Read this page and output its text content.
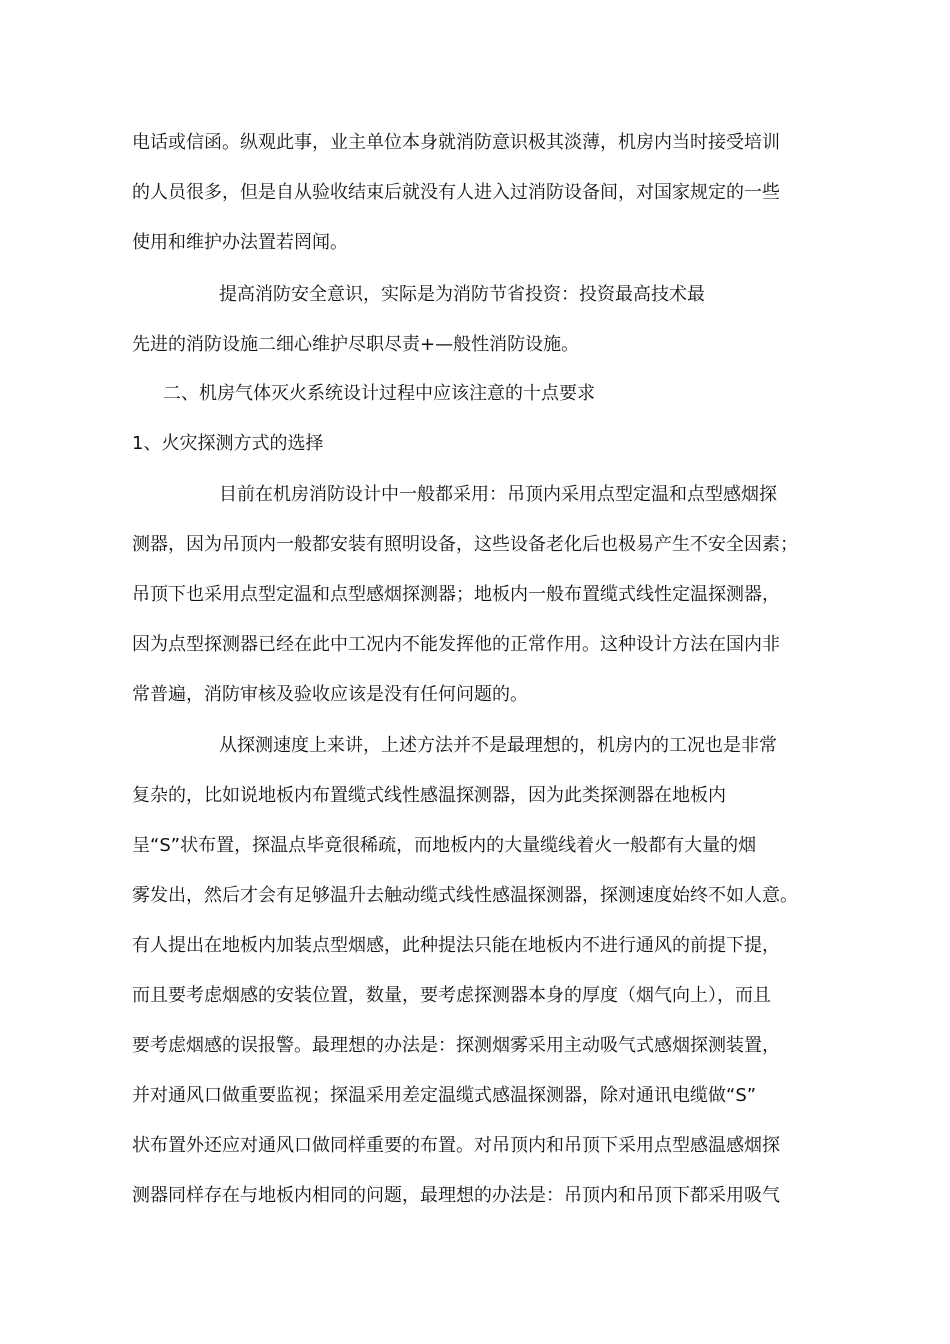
电话或信函。纵观此事，业主单位本身就消防意识极其淡薄，机房内当时接受培训
的人员很多，但是自从验收结束后就没有人进入过消防设备间，对国家规定的一些
使用和维护办法置若罔闻。
提高消防安全意识，实际是为消防节省投资：投资最高技术最
先进的消防设施二细心维护尽职尽责+—般性消防设施。
二、机房气体灭火系统设计过程中应该注意的十点要求
1、火灾探测方式的选择
目前在机房消防设计中一般都采用：吊顶内采用点型定温和点型感烟探
测器，因为吊顶内一般都安装有照明设备，这些设备老化后也极易产生不安全因素；
吊顶下也采用点型定温和点型感烟探测器；地板内一般布置缆式线性定温探测器，
因为点型探测器已经在此中工况内不能发挥他的正常作用。这种设计方法在国内非
常普遍，消防审核及验收应该是没有任何问题的。
从探测速度上来讲，上述方法并不是最理想的，机房内的工况也是非常
复杂的，比如说地板内布置缆式线性感温探测器，因为此类探测器在地板内
呈“S”状布置，探温点毕竟很稀疏，而地板内的大量缆线着火一般都有大量的烟
雾发出，然后才会有足够温升去触动缆式线性感温探测器，探测速度始终不如人意。
有人提出在地板内加装点型烟感，此种提法只能在地板内不进行通风的前提下提，
而且要考虑烟感的安装位置，数量，要考虑探测器本身的厚度（烟气向上），而且
要考虑烟感的误报警。最理想的办法是：探测烟雾采用主动吸气式感烟探测装置，
并对通风口做重要监视；探温采用差定温缆式感温探测器，除对通讯电缆做“S”
状布置外还应对通风口做同样重要的布置。对吊顶内和吊顶下采用点型感温感烟探
测器同样存在与地板内相同的问题，最理想的办法是：吊顶内和吊顶下都采用吸气
